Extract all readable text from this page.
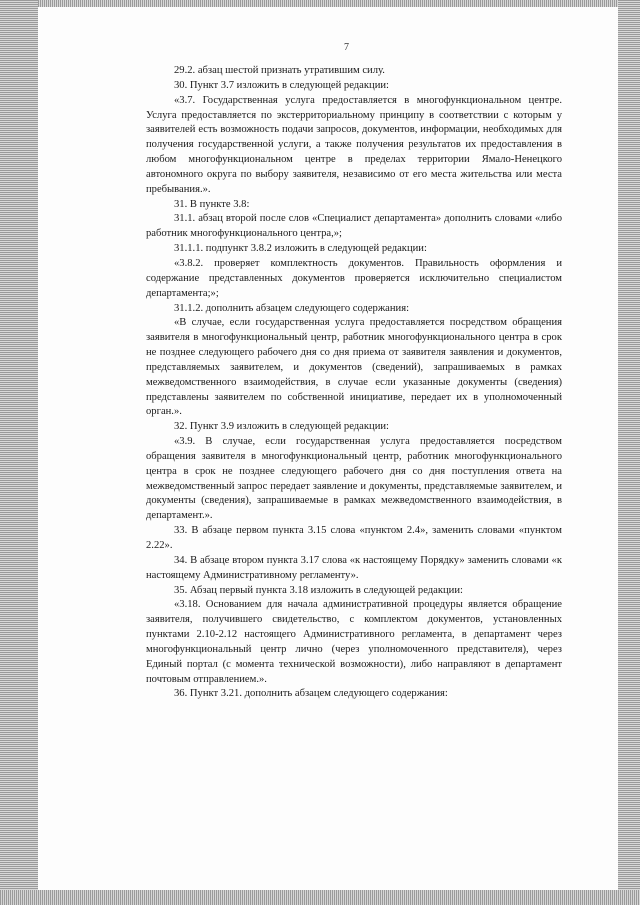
7

29.2. абзац шестой признать утратившим силу.

30. Пункт 3.7 изложить в следующей редакции:

«3.7. Государственная услуга предоставляется в многофункциональном центре. Услуга предоставляется по экстерриториальному принципу в соответствии с которым у заявителей есть возможность подачи запросов, документов, информации, необходимых для получения государственной услуги, а также получения результатов их предоставления в любом многофункциональном центре в пределах территории Ямало-Ненецкого автономного округа по выбору заявителя, независимо от его места жительства или места пребывания.».

31. В пункте 3.8:

31.1. абзац второй после слов «Специалист департамента» дополнить словами «либо работник многофункционального центра,»;

31.1.1. подпункт 3.8.2 изложить в следующей редакции:

«3.8.2. проверяет комплектность документов. Правильность оформления и содержание представленных документов проверяется исключительно специалистом департамента;»;

31.1.2. дополнить абзацем следующего содержания:

«В случае, если государственная услуга предоставляется посредством обращения заявителя в многофункциональный центр, работник многофункционального центра в срок не позднее следующего рабочего дня со дня приема от заявителя заявления и документов, представляемых заявителем, и документов (сведений), запрашиваемых в рамках межведомственного взаимодействия, в случае если указанные документы (сведения) представлены заявителем по собственной инициативе, передает их в уполномоченный орган.».

32. Пункт 3.9 изложить в следующей редакции:

«3.9. В случае, если государственная услуга предоставляется посредством обращения заявителя в многофункциональный центр, работник многофункционального центра в срок не позднее следующего рабочего дня со дня поступления ответа на межведомственный запрос передает заявление и документы, представляемые заявителем, и документы (сведения), запрашиваемые в рамках межведомственного взаимодействия, в департамент.».

33. В абзаце первом пункта 3.15 слова «пунктом 2.4», заменить словами «пунктом 2.22».

34. В абзаце втором пункта 3.17 слова «к настоящему Порядку» заменить словами «к настоящему Административному регламенту».

35. Абзац первый пункта 3.18 изложить в следующей редакции:

«3.18. Основанием для начала административной процедуры является обращение заявителя, получившего свидетельство, с комплектом документов, установленных пунктами 2.10-2.12 настоящего Административного регламента, в департамент через многофункциональный центр лично (через уполномоченного представителя), через Единый портал (с момента технической возможности), либо направляют в департамент почтовым отправлением.».

36. Пункт 3.21. дополнить абзацем следующего содержания:
